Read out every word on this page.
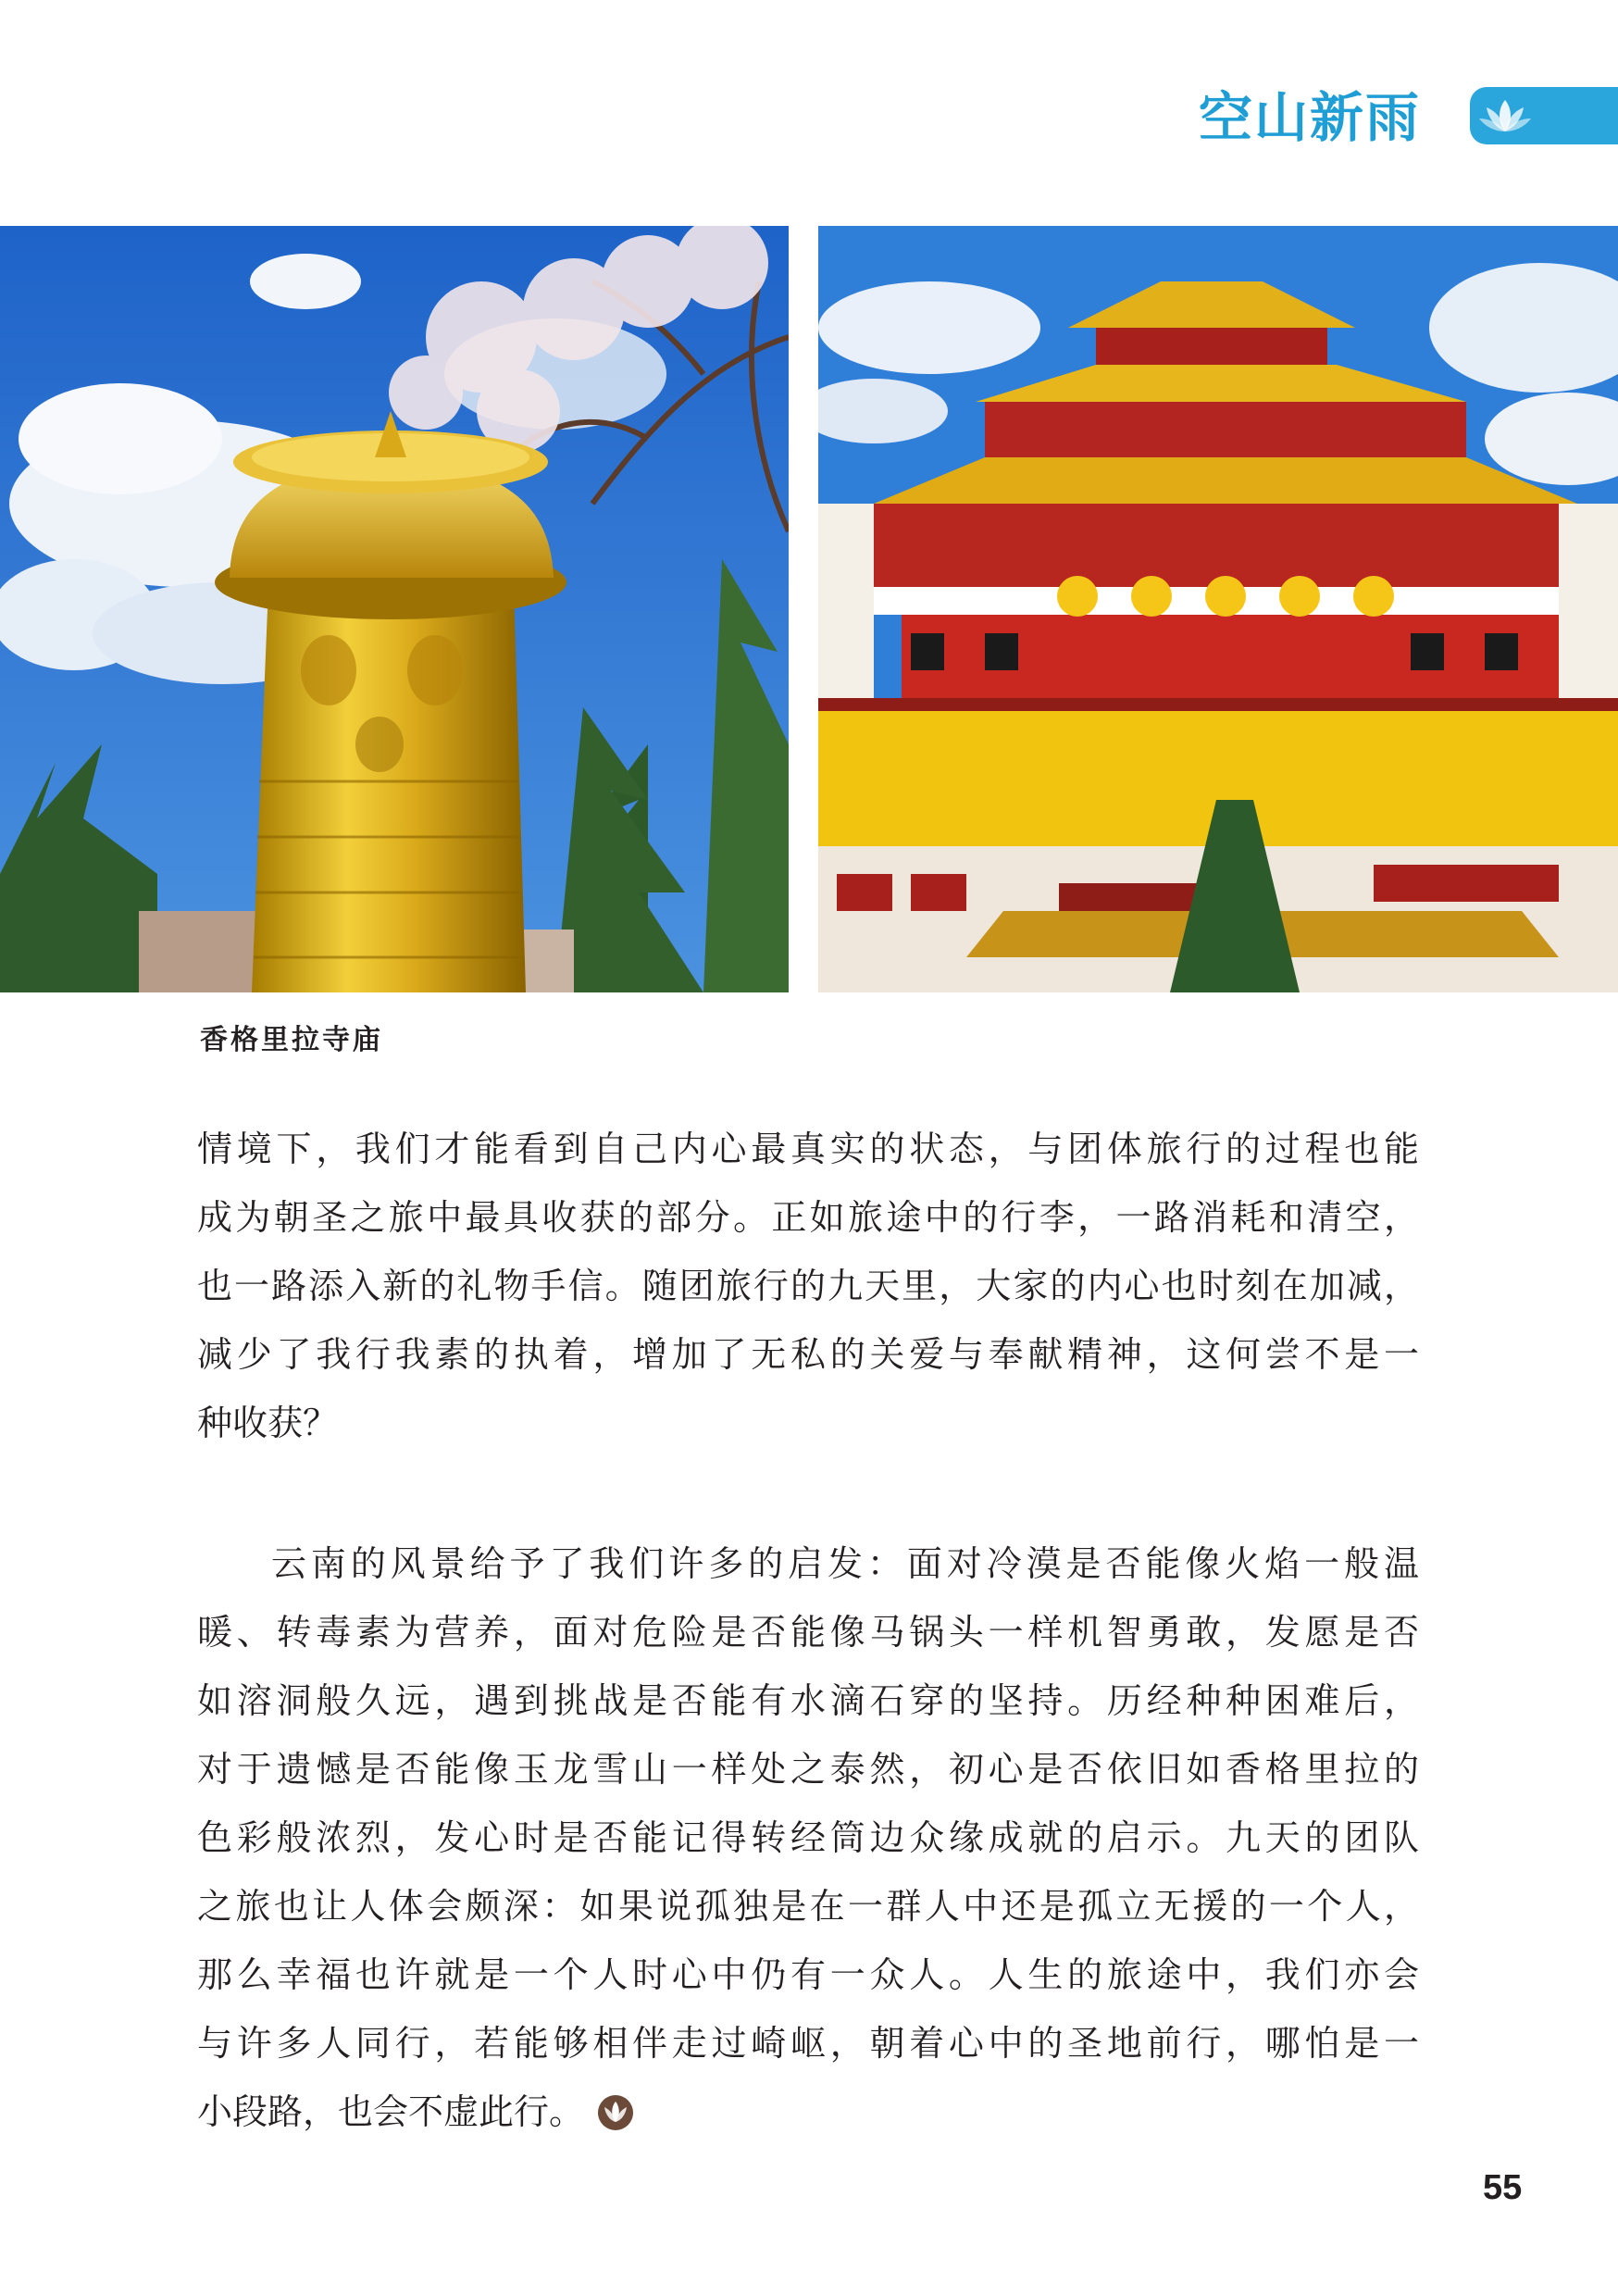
空山新雨
香格里拉寺庙
情境下，我们才能看到自己内心最真实的状态，与团体旅行的过程也能
成为朝圣之旅中最具收获的部分。正如旅途中的行李，一路消耗和清空，
也一路添入新的礼物手信。随团旅行的九天里，大家的内心也时刻在加减，
减少了我行我素的执着，增加了无私的关爱与奉献精神，这何尝不是一
种收获？
云南的风景给予了我们许多的启发：面对冷漠是否能像火焰一般温
暖、转毒素为营养，面对危险是否能像马锅头一样机智勇敢，发愿是否
如溶洞般久远，遇到挑战是否能有水滴石穿的坚持。历经种种困难后，
对于遗憾是否能像玉龙雪山一样处之泰然，初心是否依旧如香格里拉的
色彩般浓烈，发心时是否能记得转经筒边众缘成就的启示。九天的团队
之旅也让人体会颇深：如果说孤独是在一群人中还是孤立无援的一个人，
那么幸福也许就是一个人时心中仍有一众人。人生的旅途中，我们亦会
与许多人同行，若能够相伴走过崎岖，朝着心中的圣地前行，哪怕是一
小段路，也会不虚此行。
55
